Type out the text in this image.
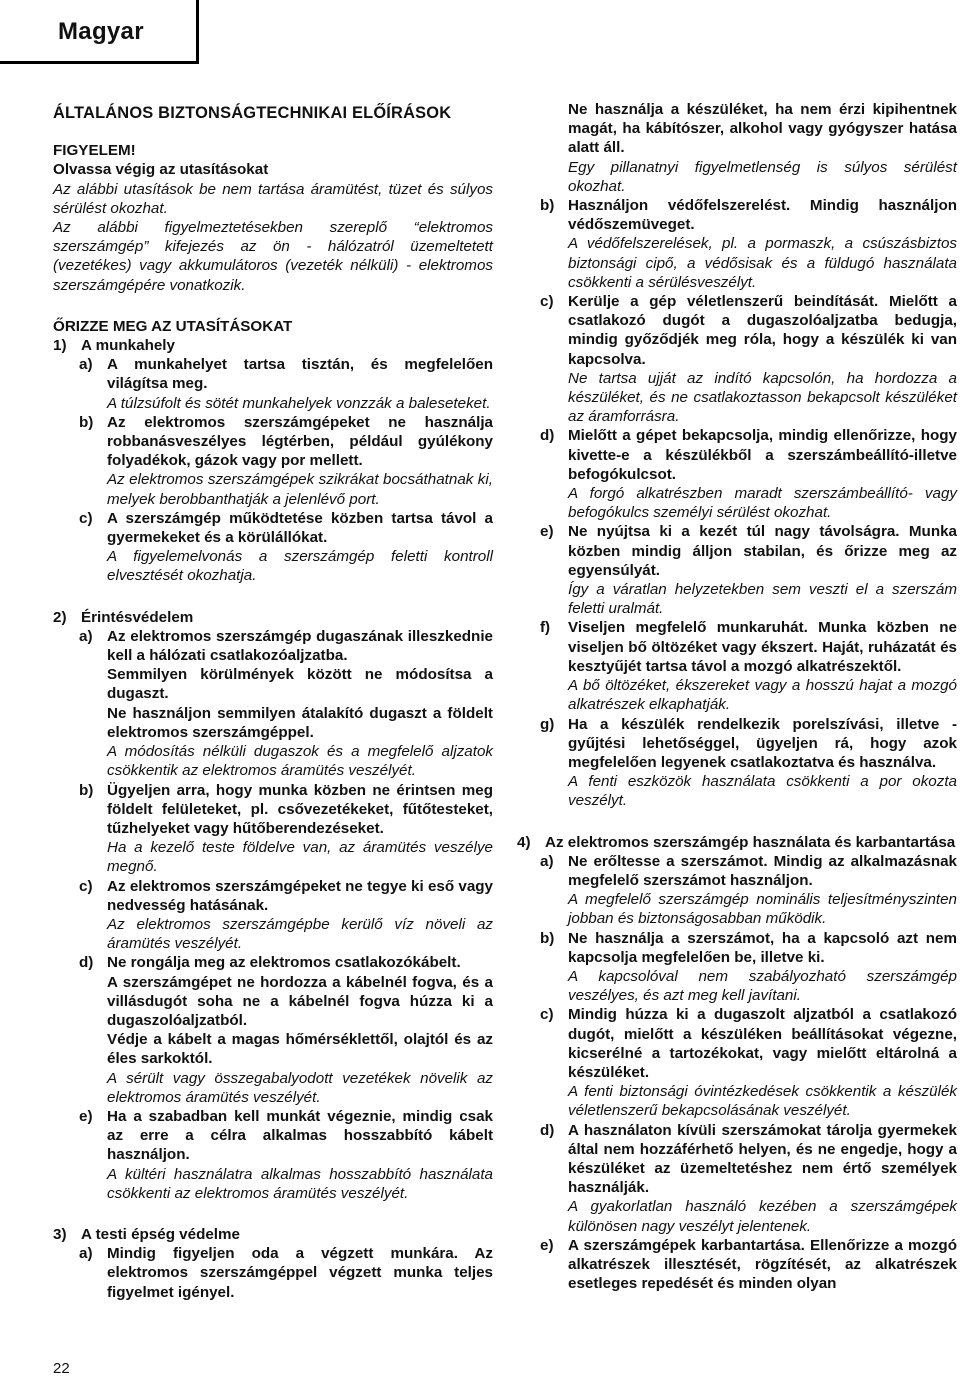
Magyar
ÁLTALÁNOS BIZTONSÁGTECHNIKAI ELŐÍRÁSOK

FIGYELEM!

Olvassa végig az utasításokat

Az alábbi utasítások be nem tartása áramütést, tüzet és súlyos sérülést okozhat.

Az alábbi figyelmeztetésekben szereplő “elektromos szerszámgép” kifejezés az ön - hálózatról üzemeltetett (vezetékes) vagy akkumulátoros (vezeték nélküli) - elektromos szerszámgépére vonatkozik.

ŐRIZZE MEG AZ UTASÍTÁSOKAT

1) A munkahely
a) A munkahelyet tartsa tisztán, és megfelelően világítsa meg.

A túlzsúfolt és sötét munkahelyek vonzzák a baleseteket.

b) Az elektromos szerszámgépeket ne használja robbanásveszélyes légtérben, például gyúlékony folyadékok, gázok vagy por mellett.

Az elektromos szerszámgépek szikrákat bocsáthatnak ki, melyek berobbanthatják a jelenlévő port.

c) A szerszámgép működtetése közben tartsa távol a gyermekeket és a körülállókat.

A figyelemelvonás a szerszámgép feletti kontroll elvesztését okozhatja.

2) Érintésvédelem
a) Az elektromos szerszámgép dugaszának illeszkednie kell a hálózati csatlakozóaljzatba.

Semmilyen körülmények között ne módosítsa a dugaszt.

Ne használjon semmilyen átalakító dugaszt a földelt elektromos szerszámgéppel.

A módosítás nélküli dugaszok és a megfelelő aljzatok csökkentik az elektromos áramütés veszélyét.

b) Ügyeljen arra, hogy munka közben ne érintsen meg földelt felületeket, pl. csővezetékeket, fűtőtesteket, tűzhelyeket vagy hűtőberendezéseket.

Ha a kezelő teste földelve van, az áramütés veszélye megnő.

c) Az elektromos szerszámgépeket ne tegye ki eső vagy nedvesség hatásának.

Az elektromos szerszámgépbe kerülő víz növeli az áramütés veszélyét.

d) Ne rongálja meg az elektromos csatlakozókábelt.

A szerszámgépet ne hordozza a kábelnél fogva, és a villásdugót soha ne a kábelnél fogva húzza ki a dugaszolóaljzatból.

Védje a kábelt a magas hőmérséklettől, olajtól és az éles sarkoktól.

A sérült vagy összegabalyodott vezetékek növelik az elektromos áramütés veszélyét.

e) Ha a szabadban kell munkát végeznie, mindig csak az erre a célra alkalmas hosszabbító kábelt használjon.

A kültéri használatra alkalmas hosszabbító használata csökkenti az elektromos áramütés veszélyét.

3) A testi épség védelme
a) Mindig figyeljen oda a végzett munkára. Az elektromos szerszámgéppel végzett munka teljes figyelmet igényel.

Ne használja a készüléket, ha nem érzi kipihentnek magát, ha kábítószer, alkohol vagy gyógyszer hatása alatt áll.

Egy pillanatnyi figyelmetlenség is súlyos sérülést okozhat.

b) Használjon védőfelszerelést. Mindig használjon védőszemüveget.

A védőfelszerelések, pl. a pormaszk, a csúszásbiztos biztonsági cipő, a védősisak és a füldugó használata csökkenti a sérülésveszélyt.

c) Kerülje a gép véletlenszerű beindítását. Mielőtt a csatlakozó dugót a dugaszolóaljzatba bedugja, mindig győződjék meg róla, hogy a készülék ki van kapcsolva.

Ne tartsa ujját az indító kapcsolón, ha hordozza a készüléket, és ne csatlakoztasson bekapcsolt készüléket az áramforrásra.

d) Mielőtt a gépet bekapcsolja, mindig ellenőrizze, hogy kivette-e a készülékből a szerszámbeállító-illetve befogókulcsot.

A forgó alkatrészben maradt szerszámbeállító- vagy befogókulcs személyi sérülést okozhat.

e) Ne nyújtsa ki a kezét túl nagy távolságra. Munka közben mindig álljon stabilan, és őrizze meg az egyensúlyát.

Így a váratlan helyzetekben sem veszti el a szerszám feletti uralmát.

f)	Viseljen megfelelő munkaruhát. Munka közben ne viseljen bő öltözéket vagy ékszert. Haját, ruházatát és kesztyűjét tartsa távol a mozgó alkatrészektől.

A bő öltözéket, ékszereket vagy a hosszú hajat a mozgó alkatrészek elkaphatják.

g) Ha a készülék rendelkezik porelszívási, illetve -gyűjtési lehetőséggel, ügyeljen rá, hogy azok megfelelően legyenek csatlakoztatva és használva.

A fenti eszközök használata csökkenti a por okozta veszélyt.

4) Az elektromos szerszámgép használata és karbantartása
a) Ne erőltesse a szerszámot. Mindig az alkalmazásnak megfelelő szerszámot használjon.

A megfelelő szerszámgép nominális teljesítményszinten jobban és biztonságosabban működik.

b) Ne használja a szerszámot, ha a kapcsoló azt nem kapcsolja megfelelően be, illetve ki.

A kapcsolóval nem szabályozható szerszámgép veszélyes, és azt meg kell javítani.

c) Mindig húzza ki a dugaszolt aljzatból a csatlakozó dugót, mielőtt a készüléken beállításokat végezne, kicserélné a tartozékokat, vagy mielőtt eltárolná a készüléket.

A fenti biztonsági óvintézkedések csökkentik a készülék véletlenszerű bekapcsolásának veszélyét.

d) A használaton kívüli szerszámokat tárolja gyermekek által nem hozzáférhető helyen, és ne engedje, hogy a készüléket az üzemeltetéshez nem értő személyek használják.

A gyakorlatlan használó kezében a szerszámgépek különösen nagy veszélyt jelentenek.

e) A szerszámgépek karbantartása. Ellenőrizze a mozgó alkatrészek illesztését, rögzítését, az alkatrészek esetleges repedését és minden olyan

22
